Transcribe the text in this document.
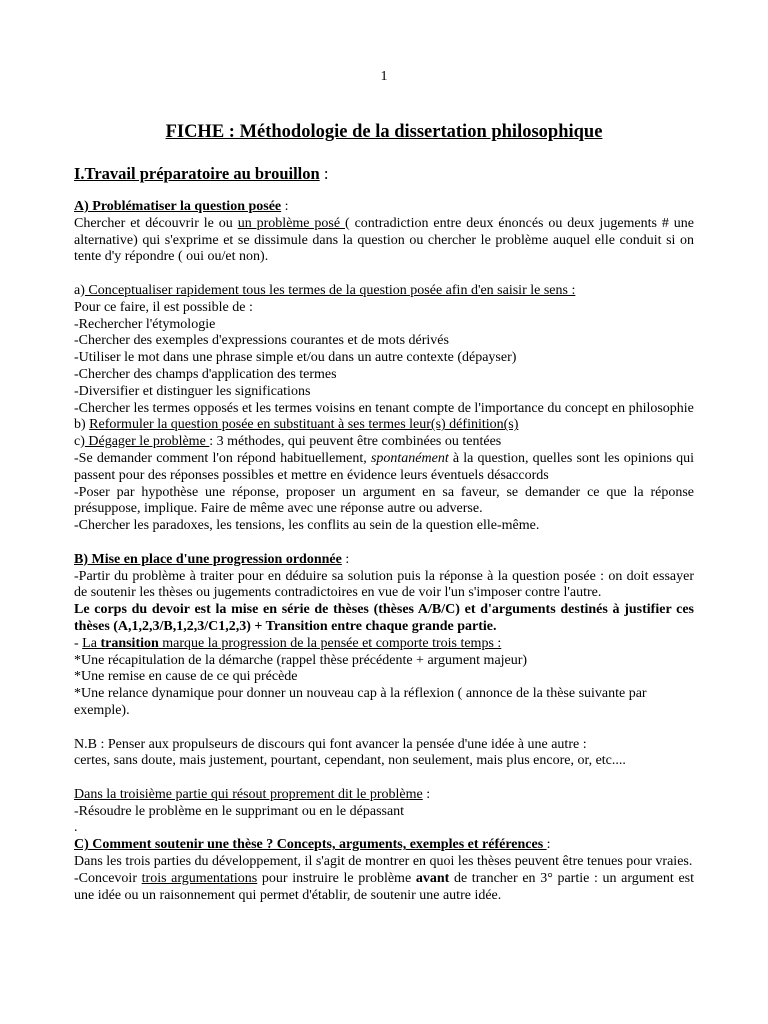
1
FICHE : Méthodologie de la dissertation philosophique
I.Travail préparatoire au brouillon :

A) Problématiser la question posée :

Chercher et découvrir le ou un problème posé ( contradiction entre deux énoncés ou deux jugements # une alternative) qui s'exprime et se dissimule dans la question ou chercher le problème auquel elle conduit si on tente d'y répondre ( oui ou/et non).

a) Conceptualiser rapidement tous les termes de la question posée afin d'en saisir le sens :

Pour ce faire, il est possible de :

-Rechercher l'étymologie

-Chercher des exemples d'expressions courantes et de mots dérivés

-Utiliser le mot dans une phrase simple et/ou dans un autre contexte (dépayser)

-Chercher des champs d'application des termes

-Diversifier et distinguer les significations

-Chercher les termes opposés et les termes voisins en tenant compte de l'importance du concept en philosophie

b) Reformuler la question posée en substituant à ses termes leur(s) définition(s)

c) Dégager le problème : 3 méthodes, qui peuvent être combinées ou tentées

-Se demander comment l'on répond habituellement, spontanément à la question, quelles sont les opinions qui passent pour des réponses possibles et mettre en évidence leurs éventuels désaccords

-Poser par hypothèse une réponse, proposer un argument en sa faveur, se demander ce que la réponse présuppose, implique. Faire de même avec une réponse autre ou adverse.

-Chercher les paradoxes, les tensions, les conflits au sein de la question elle-même.

B) Mise en place d'une progression ordonnée :

-Partir du problème à traiter pour en déduire sa solution puis la réponse à la question posée : on doit essayer de soutenir les thèses ou jugements contradictoires en vue de voir l'un s'imposer contre l'autre.

Le corps du devoir est la mise en série de thèses (thèses A/B/C) et d'arguments destinés à justifier ces thèses (A,1,2,3/B,1,2,3/C1,2,3) + Transition entre chaque grande partie.

- La transition marque la progression de la pensée et comporte trois temps :

*Une récapitulation de la démarche (rappel thèse précédente + argument majeur)

*Une remise en cause de ce qui précède

*Une relance dynamique pour donner un nouveau cap à la réflexion ( annonce de la thèse suivante par exemple).

N.B : Penser aux propulseurs de discours qui font avancer la pensée d'une idée à une autre :

certes, sans doute, mais justement, pourtant, cependant, non seulement, mais plus encore, or, etc....

Dans la troisième partie qui résout proprement dit le problème :

-Résoudre le problème en le supprimant ou en le dépassant

.

C) Comment soutenir une thèse ? Concepts, arguments, exemples et références :

Dans les trois parties du développement, il s'agit de montrer en quoi les thèses peuvent être tenues pour vraies.

-Concevoir trois argumentations pour instruire le problème avant de trancher en 3° partie : un argument est une idée ou un raisonnement qui permet d'établir, de soutenir une autre idée.
